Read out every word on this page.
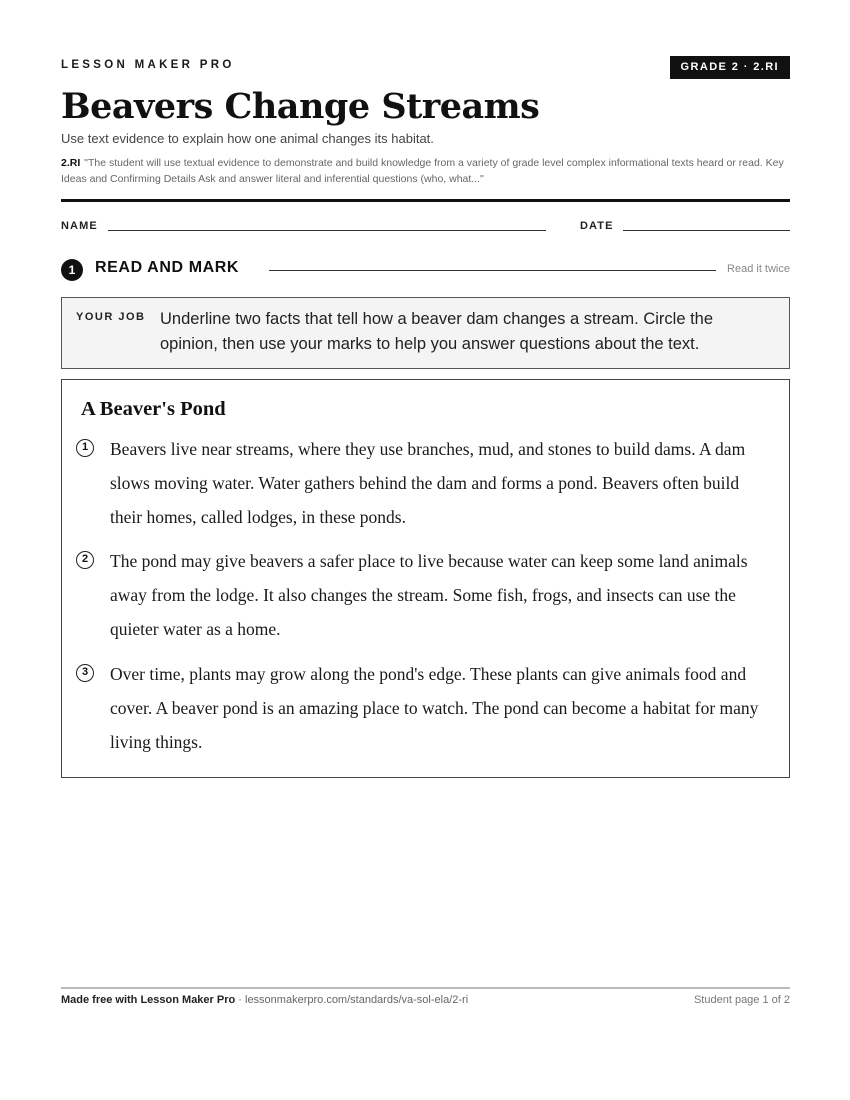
LESSON MAKER PRO	GRADE 2 · 2.RI
Beavers Change Streams
Use text evidence to explain how one animal changes its habitat.
2.RI "The student will use textual evidence to demonstrate and build knowledge from a variety of grade level complex informational texts heard or read. Key Ideas and Confirming Details Ask and answer literal and inferential questions (who, what..."
NAME	DATE
1	READ AND MARK	Read it twice
YOUR JOB Underline two facts that tell how a beaver dam changes a stream. Circle the opinion, then use your marks to help you answer questions about the text.
A Beaver's Pond
1	Beavers live near streams, where they use branches, mud, and stones to build dams. A dam slows moving water. Water gathers behind the dam and forms a pond. Beavers often build their homes, called lodges, in these ponds.
2	The pond may give beavers a safer place to live because water can keep some land animals away from the lodge. It also changes the stream. Some fish, frogs, and insects can use the quieter water as a home.
3	Over time, plants may grow along the pond's edge. These plants can give animals food and cover. A beaver pond is an amazing place to watch. The pond can become a habitat for many living things.
Made free with Lesson Maker Pro · lessonmakerpro.com/standards/va-sol-ela/2-ri	Student page 1 of 2
